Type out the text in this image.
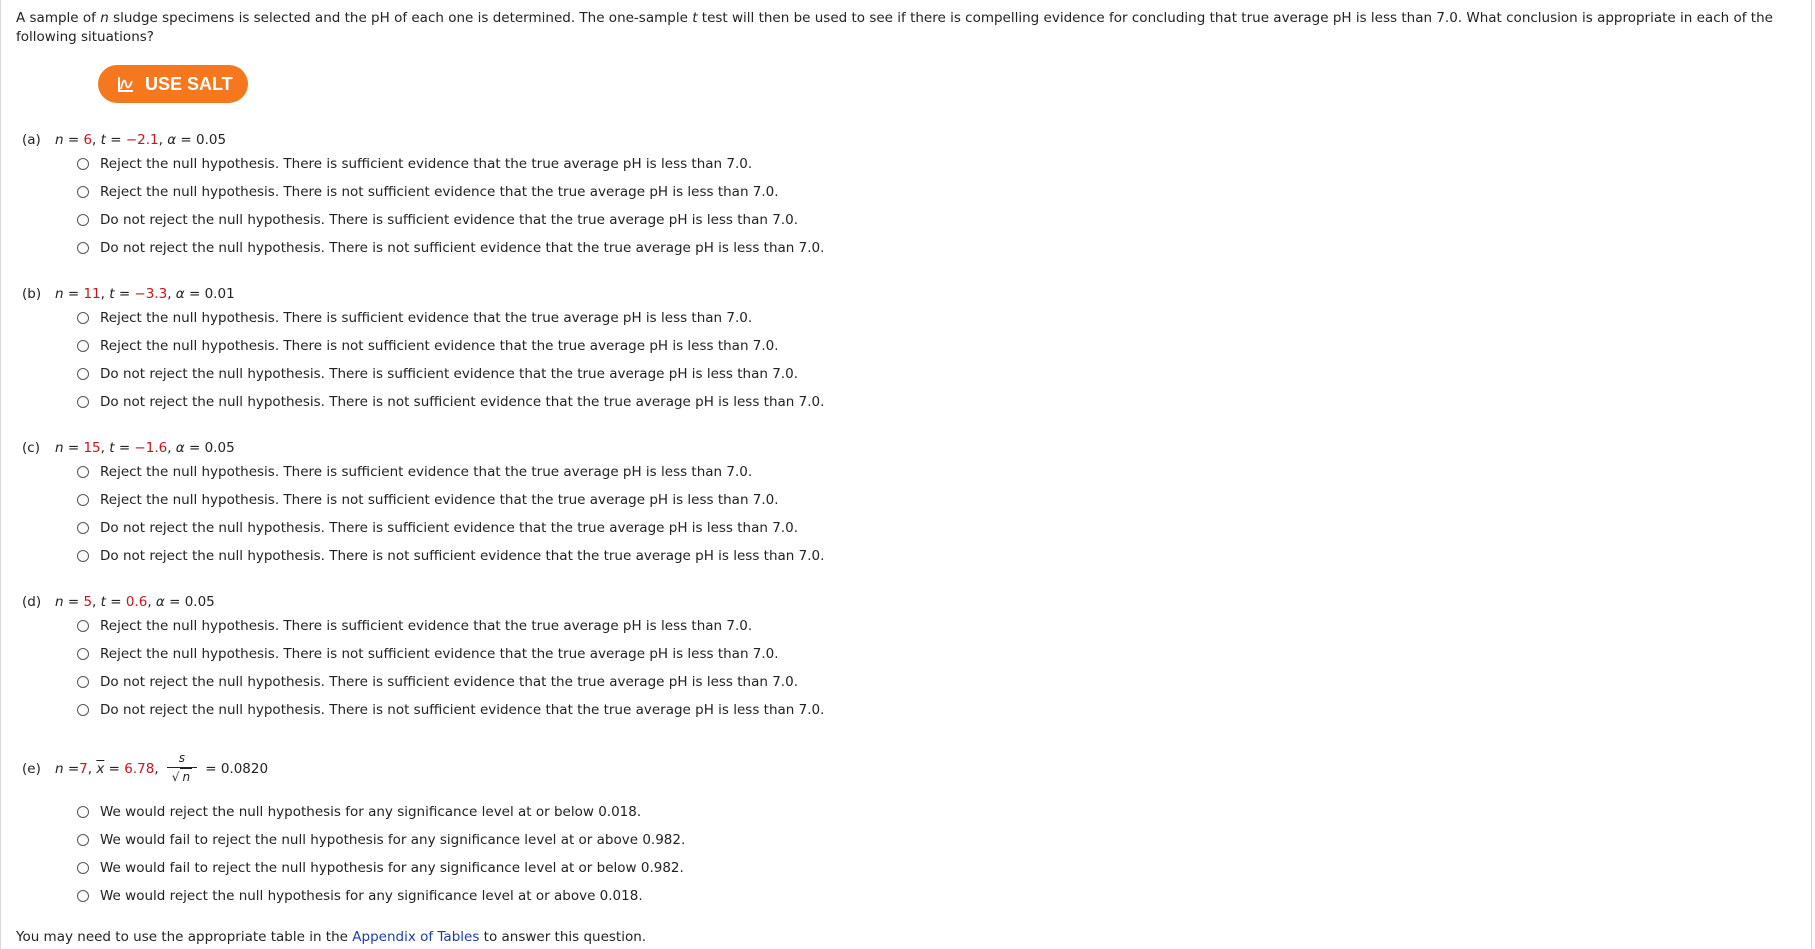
A sample of n sludge specimens is selected and the pH of each one is determined. The one-sample t test will then be used to see if there is compelling evidence for concluding that true average pH is less than 7.0. What conclusion is appropriate in each of the following situations?
USE SALT
(a) n = 6, t = −2.1, α = 0.05
Reject the null hypothesis. There is sufficient evidence that the true average pH is less than 7.0.
Reject the null hypothesis. There is not sufficient evidence that the true average pH is less than 7.0.
Do not reject the null hypothesis. There is sufficient evidence that the true average pH is less than 7.0.
Do not reject the null hypothesis. There is not sufficient evidence that the true average pH is less than 7.0.
(b) n = 11, t = −3.3, α = 0.01
Reject the null hypothesis. There is sufficient evidence that the true average pH is less than 7.0.
Reject the null hypothesis. There is not sufficient evidence that the true average pH is less than 7.0.
Do not reject the null hypothesis. There is sufficient evidence that the true average pH is less than 7.0.
Do not reject the null hypothesis. There is not sufficient evidence that the true average pH is less than 7.0.
(c) n = 15, t = −1.6, α = 0.05
Reject the null hypothesis. There is sufficient evidence that the true average pH is less than 7.0.
Reject the null hypothesis. There is not sufficient evidence that the true average pH is less than 7.0.
Do not reject the null hypothesis. There is sufficient evidence that the true average pH is less than 7.0.
Do not reject the null hypothesis. There is not sufficient evidence that the true average pH is less than 7.0.
(d) n = 5, t = 0.6, α = 0.05
Reject the null hypothesis. There is sufficient evidence that the true average pH is less than 7.0.
Reject the null hypothesis. There is not sufficient evidence that the true average pH is less than 7.0.
Do not reject the null hypothesis. There is sufficient evidence that the true average pH is less than 7.0.
Do not reject the null hypothesis. There is not sufficient evidence that the true average pH is less than 7.0.
(e)	n = 7 , $\overline{x} = 6.78$ , $\frac{s}{√ n} = 0.0820$
We would reject the null hypothesis for any significance level at or below 0.018.
We would fail to reject the null hypothesis for any significance level at or above 0.982.
We would fail to reject the null hypothesis for any significance level at or below 0.982.
We would reject the null hypothesis for any significance level at or above 0.018.
You may need to use the appropriate table in the Appendix of Tables to answer this question.
